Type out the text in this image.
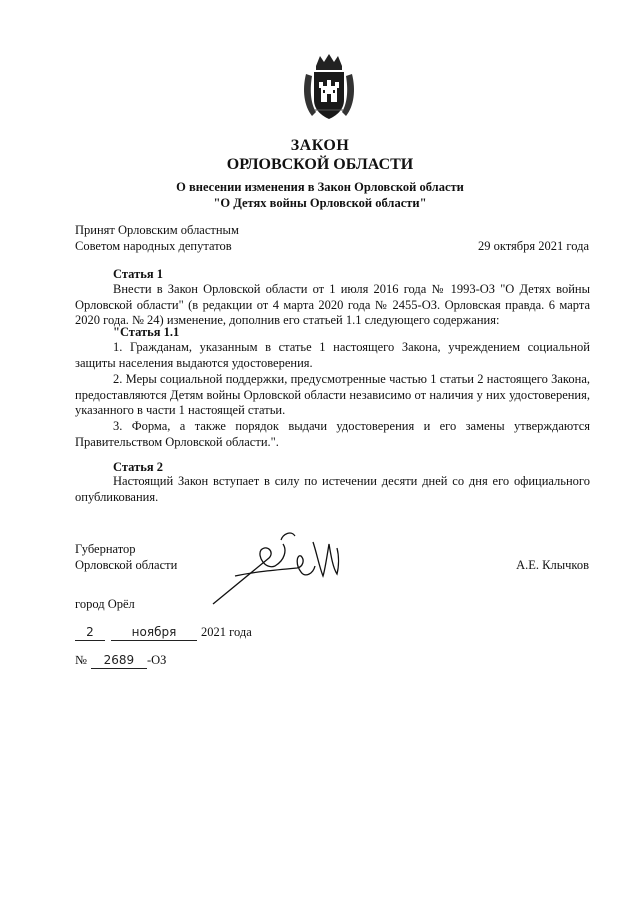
ЗАКОН
ОРЛОВСКОЙ ОБЛАСТИ
О внесении изменения в Закон Орловской области
"О Детях войны Орловской области"
Принят Орловским областным
Советом народных депутатов	29 октября 2021 года
Статья 1

Внести в Закон Орловской области от 1 июля 2016 года № 1993-ОЗ "О Детях войны Орловской области" (в редакции от 4 марта 2020 года № 2455-ОЗ. Орловская правда. 6 марта 2020 года. № 24) изменение, дополнив его статьей 1.1 следующего содержания:

"Статья 1.1

1. Гражданам, указанным в статье 1 настоящего Закона, учреждением социальной защиты населения выдаются удостоверения.

2. Меры социальной поддержки, предусмотренные частью 1 статьи 2 настоящего Закона, предоставляются Детям войны Орловской области независимо от наличия у них удостоверения, указанного в части 1 настоящей статьи.

3. Форма, а также порядок выдачи удостоверения и его замены утверждаются Правительством Орловской области.".

Статья 2

Настоящий Закон вступает в силу по истечении десяти дней со дня его официального опубликования.

Губернатор
Орловской области	А.Е. Клычков
город Орёл
2	ноября 2021 года
№ 2689 -ОЗ
